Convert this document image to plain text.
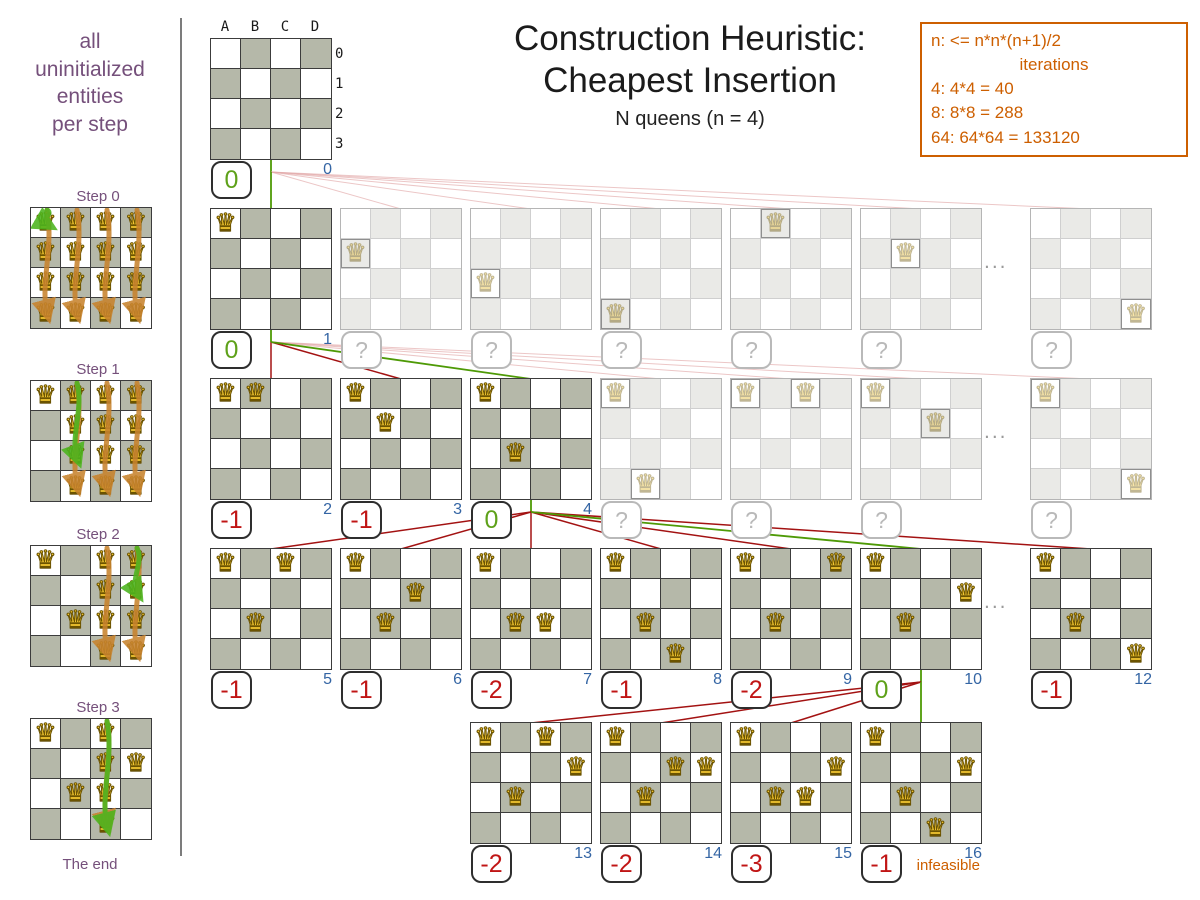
all
uninitialized
entities
per step
Step 0
Step 1
Step 2
Step 3
The end
Construction Heuristic:
Cheapest Insertion
N queens (n = 4)
n: <= n*n*(n+1)/2
iterations
4: 4*4 = 40
8: 8*8 = 288
64: 64*64 = 133120
A	B	C	D
0
1
2
3
0	0
♛
0	1
♛
?
♛
?
♛
?
♛
?
♛
?
♛
?
...
♛ ♛
-1	2
♛
♛
-1	3
♛
♛
0	4
♛
♛
?
♛ ♛
?
♛
♛
?
♛
♛
?
...
♛ ♛
♛
-1	5
♛
♛
♛
-1	6
♛
♛ ♛
-2	7
♛
♛
♛
-1	8
♛	♛
♛
-2	9
♛
♛
♛
0	10
♛
♛
♛
-1	12
...
♛ ♛
♛
♛
-2	13
♛
♛ ♛
♛
-2	14
♛
♛
♛ ♛
-3	15
♛
♛
♛
♛
-1	16
♛ ♛ ♛ ♛
♛ ♛ ♛ ♛
♛ ♛ ♛ ♛
♛ ♛ ♛ ♛
♛ ♛ ♛ ♛
♛ ♛ ♛
♛ ♛ ♛
♛ ♛ ♛
♛ ♛ ♛
♛ ♛
♛ ♛ ♛
♛ ♛
♛ ♛
♛ ♛
♛ ♛
♛
infeasible
